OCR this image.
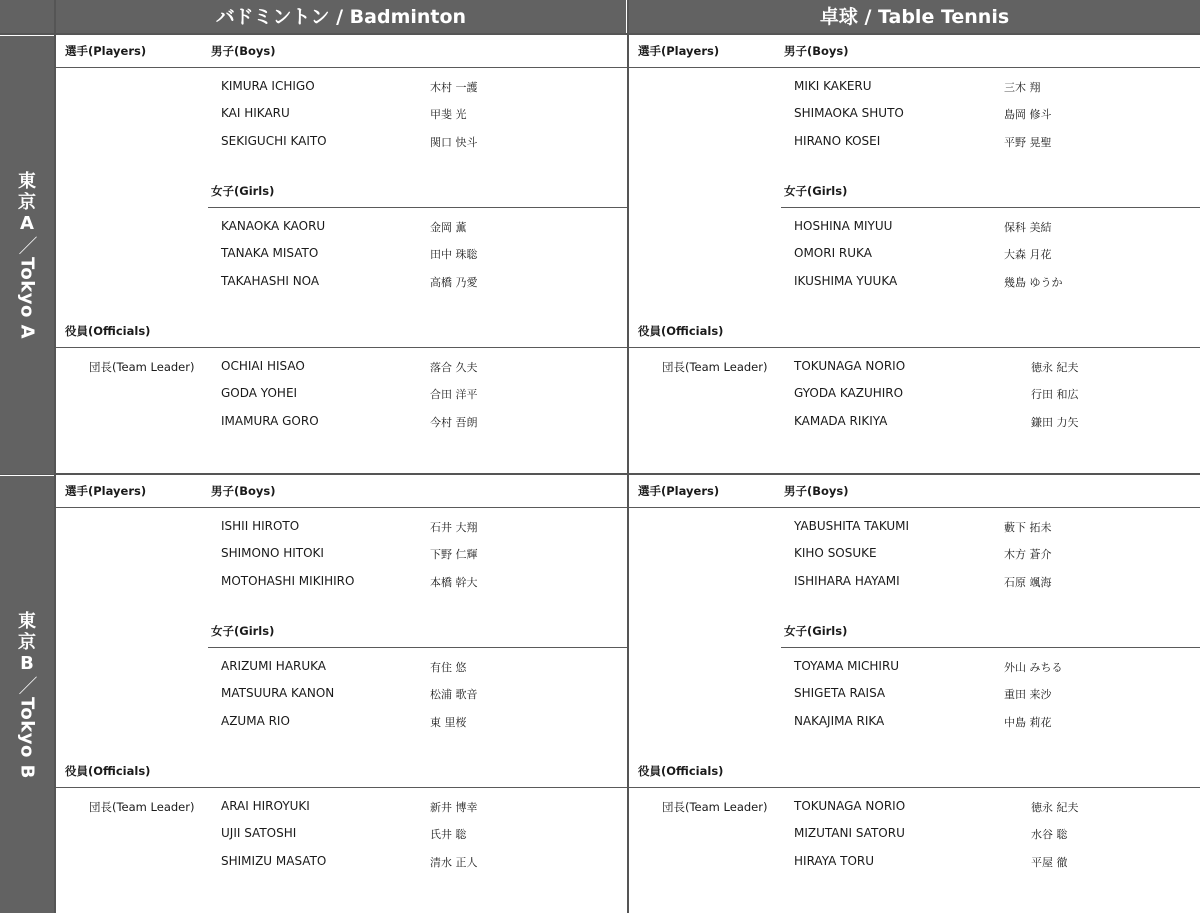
バドミントン / Badminton	卓球 / Table Tennis
東
京
A
／
Tokyo A
選手(Players)	男子(Boys)
KIMURA ICHIGO	木村 一護
KAI HIKARU	甲斐 光
SEKIGUCHI KAITO	関口 快斗
女子(Girls)
KANAOKA KAORU	金岡 薫
TANAKA MISATO	田中 珠聡
TAKAHASHI NOA	高橋 乃愛
役員(Officials)
団長(Team Leader) OCHIAI HISAO	落合 久夫
GODA YOHEI	合田 洋平
IMAMURA GORO	今村 吾朗
選手(Players)	男子(Boys)
MIKI KAKERU	三木 翔
SHIMAOKA SHUTO	島岡 修斗
HIRANO KOSEI	平野 晃聖
女子(Girls)
HOSHINA MIYUU	保科 美結
OMORI RUKA	大森 月花
IKUSHIMA YUUKA	幾島 ゆうか
役員(Officials)
団長(Team Leader) TOKUNAGA NORIO	徳永 紀夫
GYODA KAZUHIRO	行田 和広
KAMADA RIKIYA	鎌田 力矢
東
京
B
／
Tokyo B
選手(Players)	男子(Boys)
ISHII HIROTO	石井 大翔
SHIMONO HITOKI	下野 仁輝
MOTOHASHI MIKIHIRO	本橋 幹大
女子(Girls)
ARIZUMI HARUKA	有住 悠
MATSUURA KANON	松浦 歌音
AZUMA RIO	東 里桜
役員(Officials)
団長(Team Leader) ARAI HIROYUKI	新井 博幸
UJII SATOSHI	氏井 聡
SHIMIZU MASATO	清水 正人
選手(Players)	男子(Boys)
YABUSHITA TAKUMI	藪下 拓未
KIHO SOSUKE	木方 蒼介
ISHIHARA HAYAMI	石原 颯海
女子(Girls)
TOYAMA MICHIRU	外山 みちる
SHIGETA RAISA	重田 来沙
NAKAJIMA RIKA	中島 莉花
役員(Officials)
団長(Team Leader) TOKUNAGA NORIO	徳永 紀夫
MIZUTANI SATORU	水谷 聡
HIRAYA TORU	平屋 徹
